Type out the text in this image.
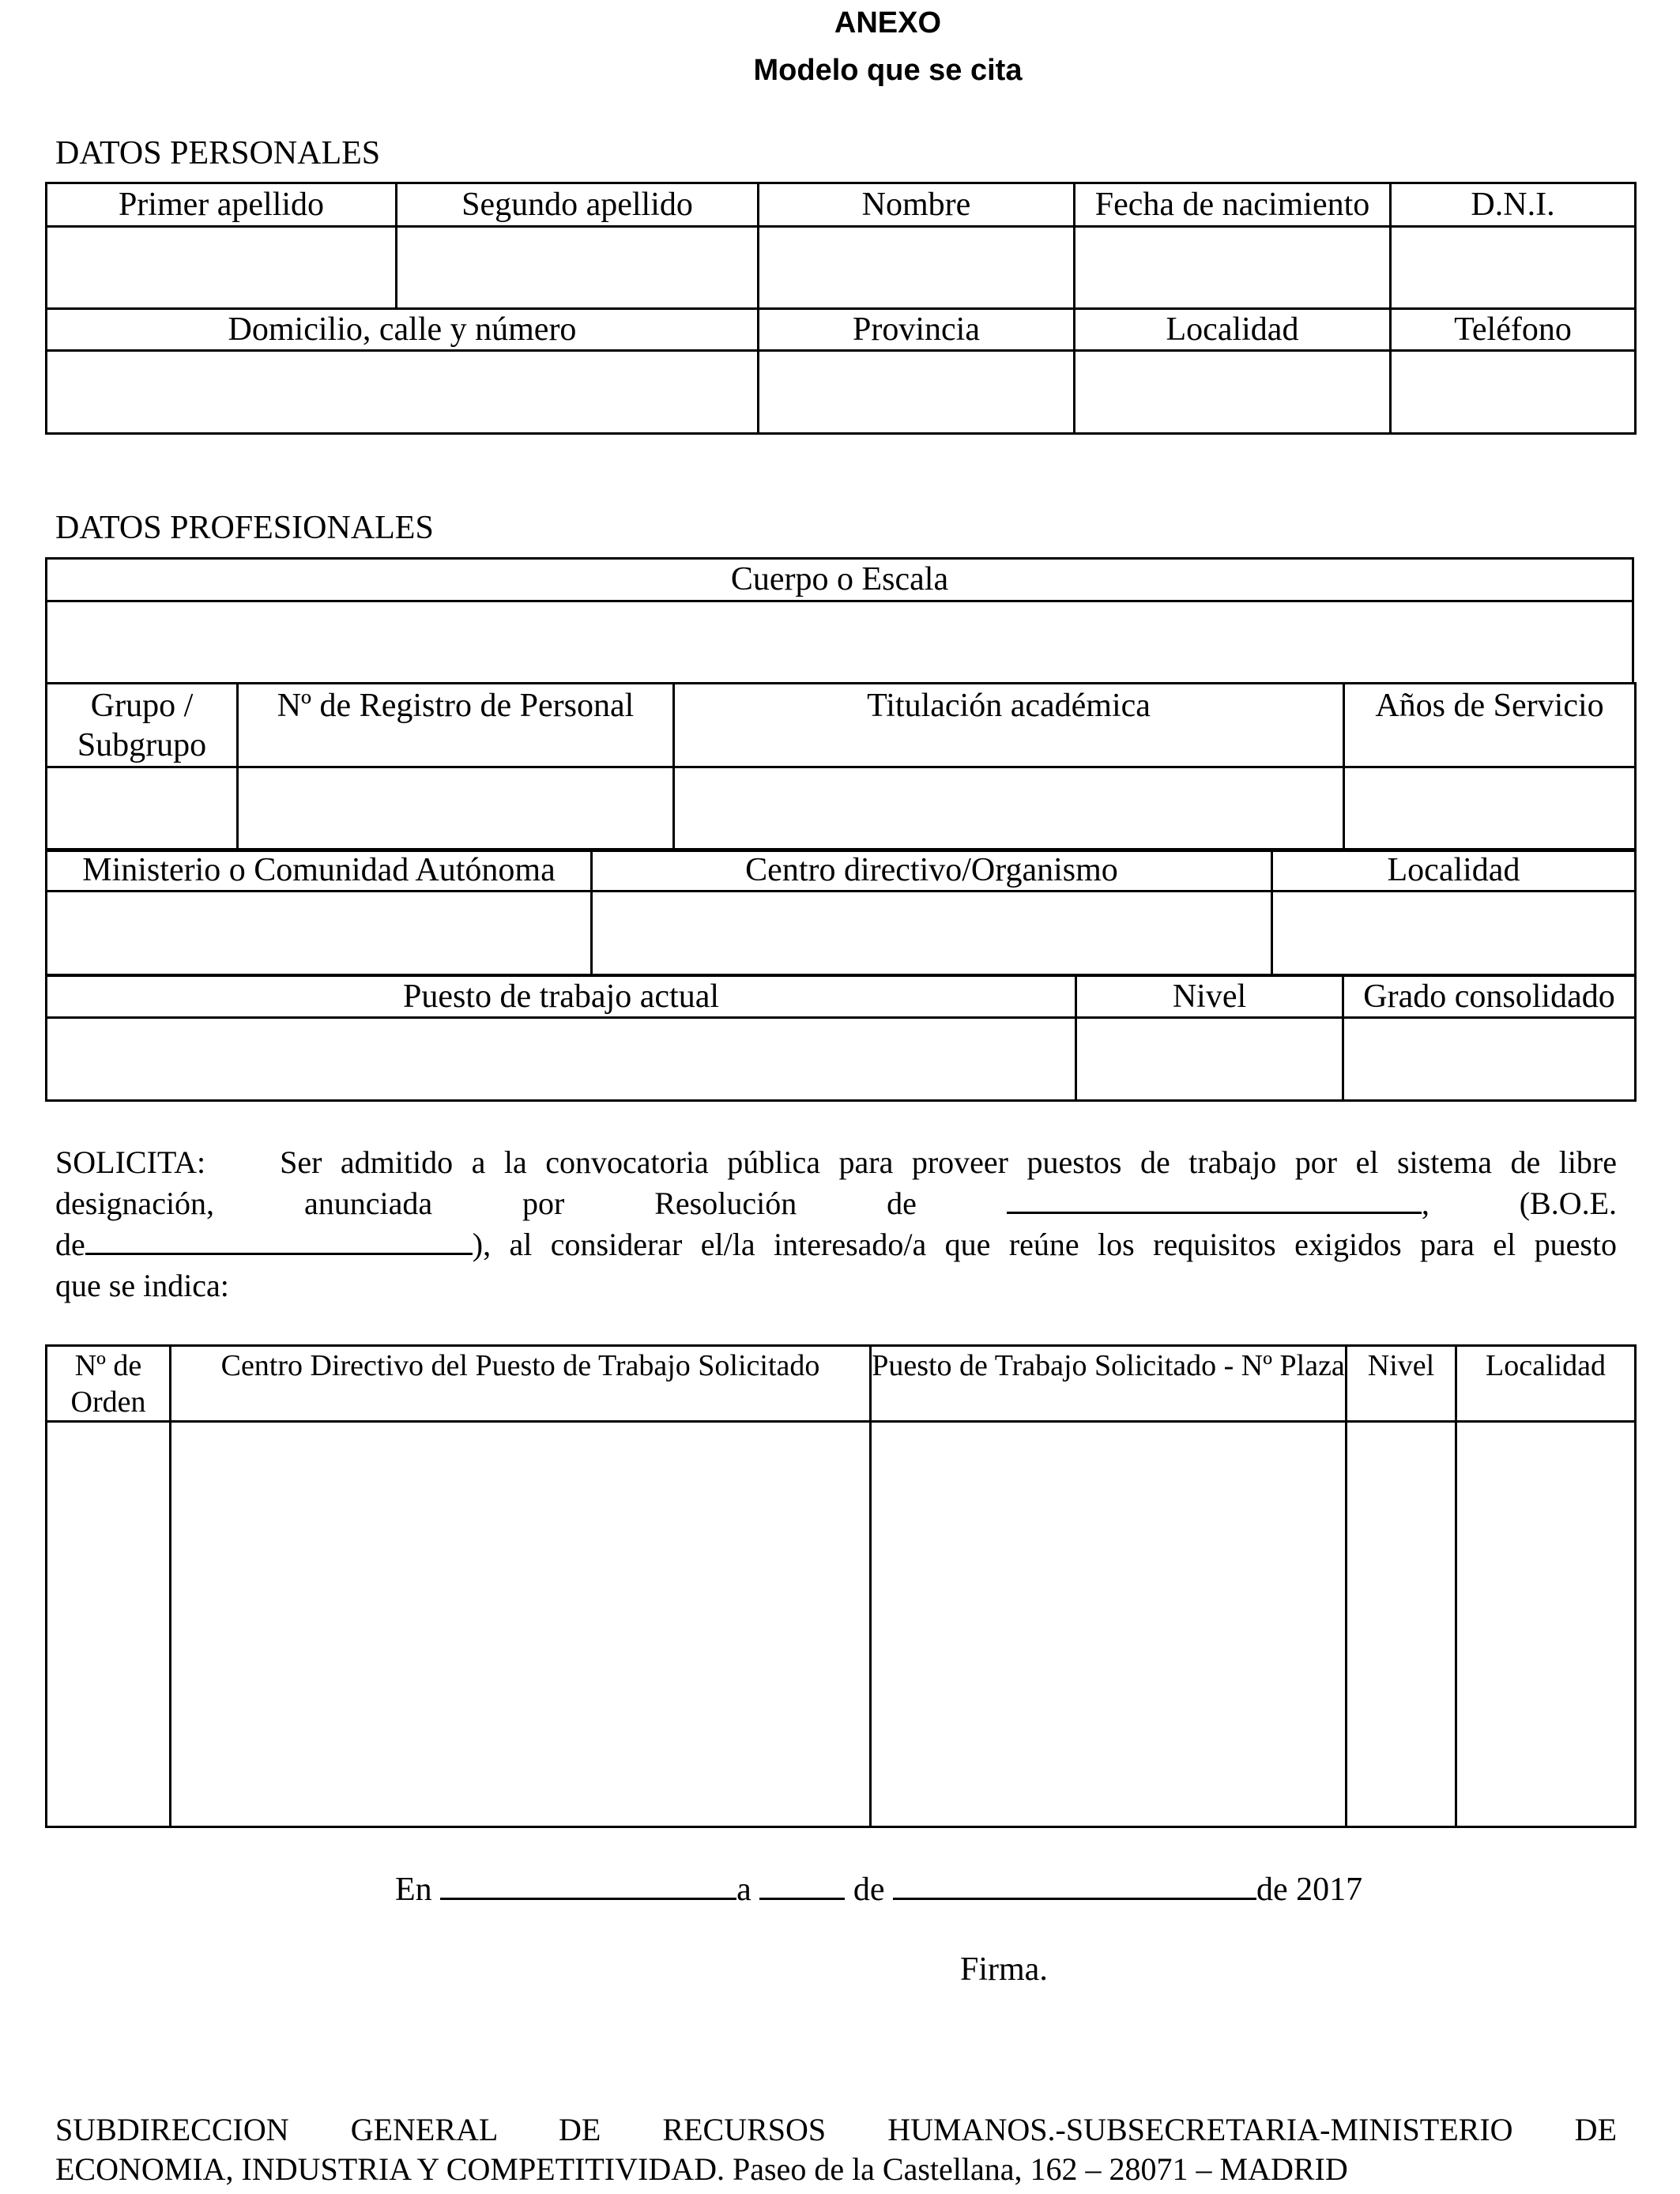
ANEXO
Modelo que se cita
DATOS PERSONALES
Primer apellido	Segundo apellido	Nombre	Fecha de nacimiento	D.N.I.

Domicilio, calle y número		Provincia	Localidad	Teléfono

DATOS PROFESIONALES
Cuerpo o Escala

Grupo / Subgrupo	Nº de Registro de Personal	Titulación académica	Años de Servicio

Ministerio o Comunidad Autónoma	Centro directivo/Organismo	Localidad

Puesto de trabajo actual	Nivel	Grado consolidado

SOLICITA: Ser admitido a la convocatoria pública para proveer puestos de trabajo por el sistema de libre
designación,	anunciada	por	Resolución	de	,	(B.O.E.
de	), al considerar el/la interesado/a que reúne los requisitos exigidos para el puesto
que se indica:
Nº de Orden	Centro Directivo del Puesto de Trabajo Solicitado	Puesto de Trabajo Solicitado - Nº Plaza	Nivel	Localidad

En	a	de	de 2017
Firma.
SUBDIRECCION GENERAL DE RECURSOS HUMANOS.-SUBSECRETARIA-MINISTERIO DE
ECONOMIA, INDUSTRIA Y COMPETITIVIDAD. Paseo de la Castellana, 162 – 28071 – MADRID
